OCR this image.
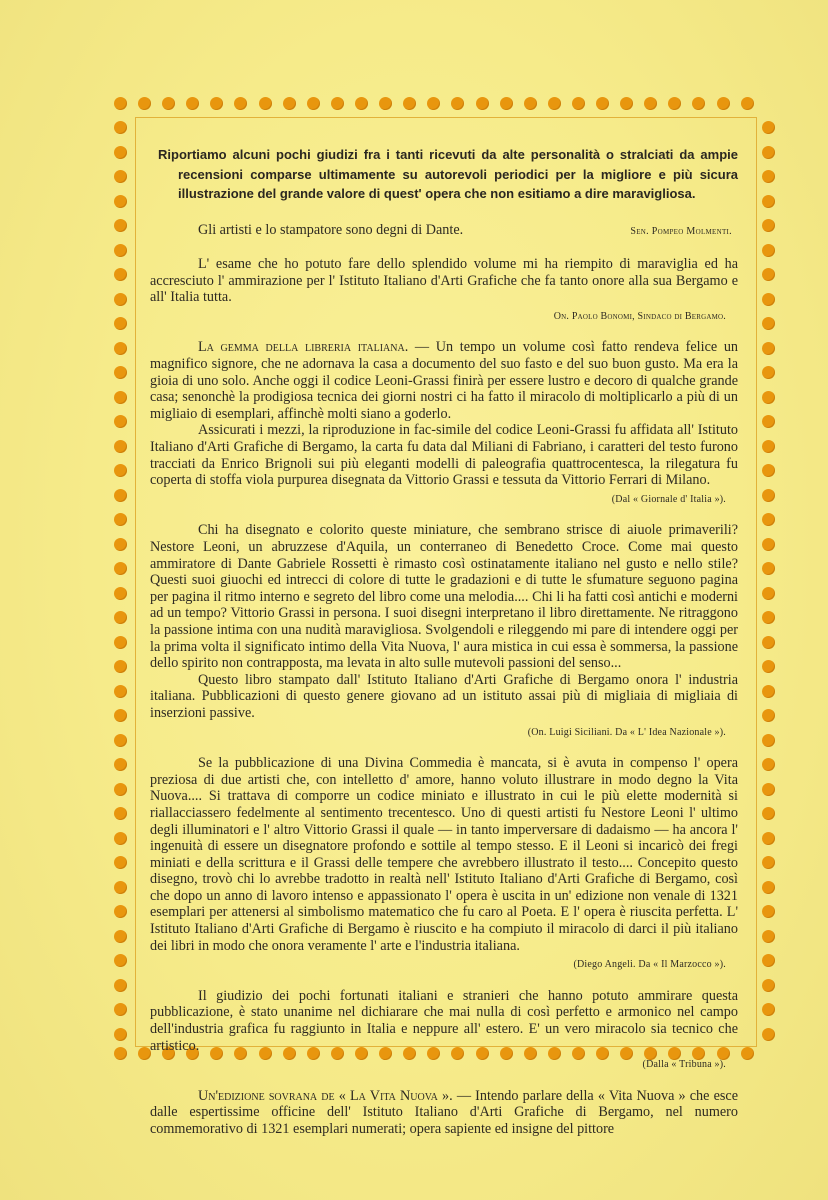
Riportiamo alcuni pochi giudizi fra i tanti ricevuti da alte personalità o stralciati da ampie recensioni comparse ultimamente su autorevoli periodici per la migliore e più sicura illustrazione del grande valore di quest' opera che non esitiamo a dire maravigliosa.

Gli artisti e lo stampatore sono degni di Dante.	Sen. Pompeo Molmenti.

L' esame che ho potuto fare dello splendido volume mi ha riempito di maraviglia ed ha accresciuto l' ammirazione per l' Istituto Italiano d'Arti Grafiche che fa tanto onore alla sua Bergamo e all' Italia tutta.

On. Paolo Bonomi, Sindaco di Bergamo.

La gemma della libreria italiana. — Un tempo un volume così fatto rendeva felice un magnifico signore, che ne adornava la casa a documento del suo fasto e del suo buon gusto. Ma era la gioia di uno solo. Anche oggi il codice Leoni-Grassi finirà per essere lustro e decoro di qualche grande casa; senonchè la prodigiosa tecnica dei giorni nostri ci ha fatto il miracolo di moltiplicarlo a più di un migliaio di esemplari, affinchè molti siano a goderlo.

Assicurati i mezzi, la riproduzione in fac-simile del codice Leoni-Grassi fu affidata all' Istituto Italiano d'Arti Grafiche di Bergamo, la carta fu data dal Miliani di Fabriano, i caratteri del testo furono tracciati da Enrico Brignoli sui più eleganti modelli di paleografia quattrocentesca, la rilegatura fu coperta di stoffa viola purpurea disegnata da Vittorio Grassi e tessuta da Vittorio Ferrari di Milano.

(Dal « Giornale d' Italia »).

Chi ha disegnato e colorito queste miniature, che sembrano strisce di aiuole primaverili? Nestore Leoni, un abruzzese d'Aquila, un conterraneo di Benedetto Croce. Come mai questo ammiratore di Dante Gabriele Rossetti è rimasto così ostinatamente italiano nel gusto e nello stile? Questi suoi giuochi ed intrecci di colore di tutte le gradazioni e di tutte le sfumature seguono pagina per pagina il ritmo interno e segreto del libro come una melodia.... Chi li ha fatti così antichi e moderni ad un tempo? Vittorio Grassi in persona. I suoi disegni interpretano il libro direttamente. Ne ritraggono la passione intima con una nudità maravigliosa. Svolgendoli e rileggendo mi pare di intendere oggi per la prima volta il significato intimo della Vita Nuova, l' aura mistica in cui essa è sommersa, la passione dello spirito non contrapposta, ma levata in alto sulle mutevoli passioni del senso...

Questo libro stampato dall' Istituto Italiano d'Arti Grafiche di Bergamo onora l' industria italiana. Pubblicazioni di questo genere giovano ad un istituto assai più di migliaia di migliaia di inserzioni passive.

(On. Luigi Siciliani. Da « L' Idea Nazionale »).

Se la pubblicazione di una Divina Commedia è mancata, si è avuta in compenso l' opera preziosa di due artisti che, con intelletto d' amore, hanno voluto illustrare in modo degno la Vita Nuova.... Si trattava di comporre un codice miniato e illustrato in cui le più elette modernità si riallacciassero fedelmente al sentimento trecentesco. Uno di questi artisti fu Nestore Leoni l' ultimo degli illuminatori e l' altro Vittorio Grassi il quale — in tanto imperversare di dadaismo — ha ancora l' ingenuità di essere un disegnatore profondo e sottile al tempo stesso. E il Leoni si incaricò dei fregi miniati e della scrittura e il Grassi delle tempere che avrebbero illustrato il testo.... Concepito questo disegno, trovò chi lo avrebbe tradotto in realtà nell' Istituto Italiano d'Arti Grafiche di Bergamo, così che dopo un anno di lavoro intenso e appassionato l' opera è uscita in un' edizione non venale di 1321 esemplari per attenersi al simbolismo matematico che fu caro al Poeta. E l' opera è riuscita perfetta. L' Istituto Italiano d'Arti Grafiche di Bergamo è riuscito e ha compiuto il miracolo di darci il più italiano dei libri in modo che onora veramente l' arte e l'industria italiana.

(Diego Angeli. Da « Il Marzocco »).

Il giudizio dei pochi fortunati italiani e stranieri che hanno potuto ammirare questa pubblicazione, è stato unanime nel dichiarare che mai nulla di così perfetto e armonico nel campo dell'industria grafica fu raggiunto in Italia e neppure all' estero. E' un vero miracolo sia tecnico che artistico.

(Dalla « Tribuna »).

Un'edizione sovrana de « La Vita Nuova ». — Intendo parlare della « Vita Nuova » che esce dalle espertissime officine dell' Istituto Italiano d'Arti Grafiche di Bergamo, nel numero commemorativo di 1321 esemplari numerati; opera sapiente ed insigne del pittore
